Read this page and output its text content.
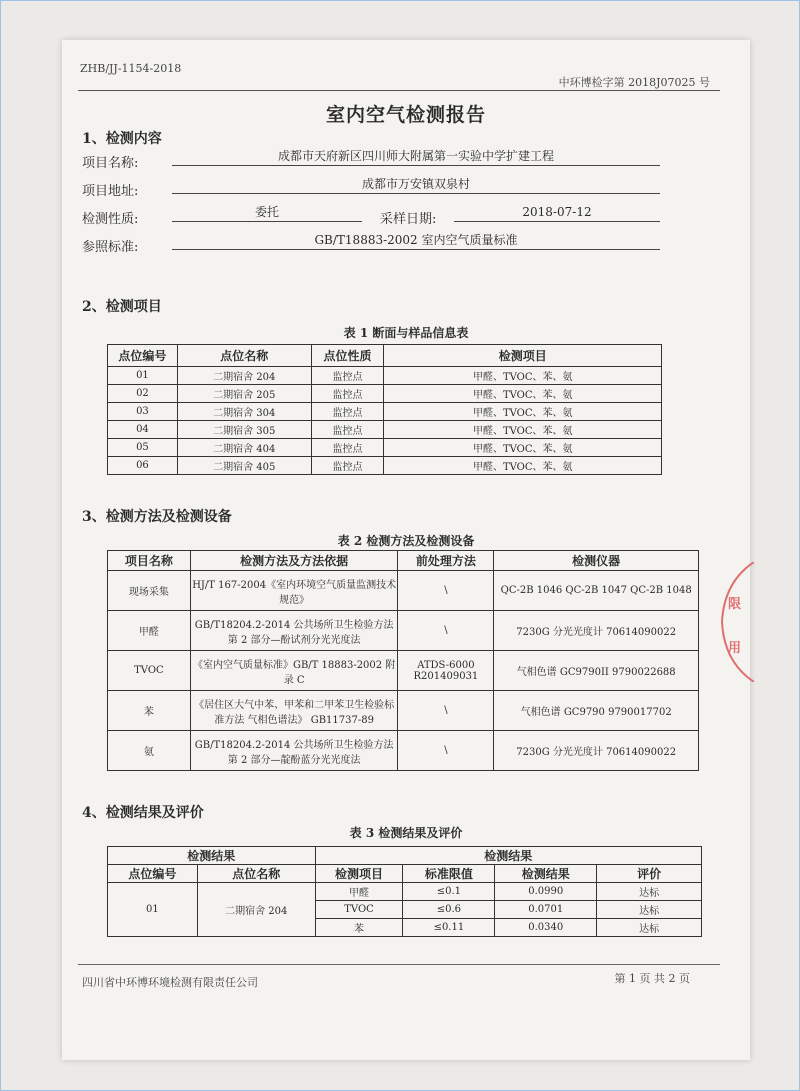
ZHB/JJ-1154-2018
中环博检字第 2018J07025 号
室内空气检测报告
1、检测内容
项目名称:	成都市天府新区四川师大附属第一实验中学扩建工程
项目地址:	成都市万安镇双泉村
检测性质:	委托	采样日期:	2018-07-12
参照标准:	GB/T18883-2002 室内空气质量标准
2、检测项目
表 1 断面与样品信息表
点位编号	点位名称	点位性质	检测项目
01	二期宿舍 204	监控点	甲醛、TVOC、苯、氨
02	二期宿舍 205	监控点	甲醛、TVOC、苯、氨
03	二期宿舍 304	监控点	甲醛、TVOC、苯、氨
04	二期宿舍 305	监控点	甲醛、TVOC、苯、氨
05	二期宿舍 404	监控点	甲醛、TVOC、苯、氨
06	二期宿舍 405	监控点	甲醛、TVOC、苯、氨
3、检测方法及检测设备
表 2 检测方法及检测设备
项目名称	检测方法及方法依据	前处理方法	检测仪器
现场采集	HJ/T 167-2004《室内环境空气质量监测技术规范》	\	QC-2B 1046 QC-2B 1047 QC-2B 1048
甲醛	GB/T18204.2-2014 公共场所卫生检验方法 第 2 部分—酚试剂分光光度法	\	7230G 分光光度计 70614090022
TVOC	《室内空气质量标准》GB/T 18883-2002 附录 C	ATDS-6000 R201409031	气相色谱 GC9790II 9790022688
苯	《居住区大气中苯、甲苯和二甲苯卫生检验标准方法 气相色谱法》 GB11737-89	\	气相色谱 GC9790 9790017702
氨	GB/T18204.2-2014 公共场所卫生检验方法 第 2 部分—靛酚蓝分光光度法	\	7230G 分光光度计 70614090022
4、检测结果及评价
表 3 检测结果及评价
检测结果		检测结果			
点位编号	点位名称	检测项目	标准限值	检测结果	评价
01	二期宿舍 204	甲醛	≤0.1	0.0990	达标
		TVOC	≤0.6	0.0701	达标
		苯	≤0.11	0.0340	达标
四川省中环博环境检测有限责任公司	第 1 页 共 2 页
限
用
